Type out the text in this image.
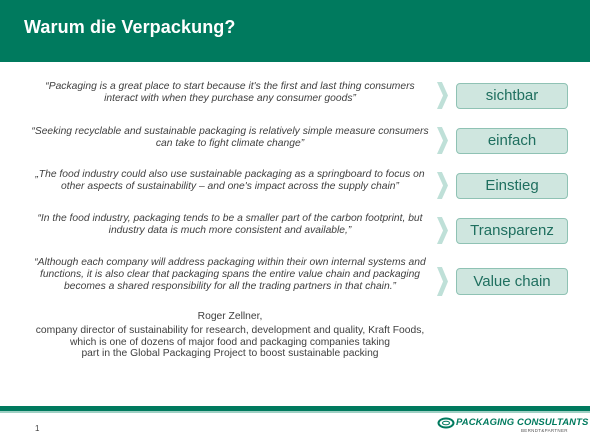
Warum die Verpackung?
“Packaging is a great place to start because it's the first and last thing consumers
interact with when they purchase any consumer goods”	sichtbar
“Seeking recyclable and sustainable packaging is relatively simple measure consumers
can take to fight climate change”	einfach
„The food industry could also use sustainable packaging as a springboard to focus on
other aspects of sustainability – and one's impact across the supply chain”	Einstieg
“In the food industry, packaging tends to be a smaller part of the carbon footprint, but
industry data is much more consistent and available,”	Transparenz
“Although each company will address packaging within their own internal systems and
functions, it is also clear that packaging spans the entire value chain and packaging
becomes a shared responsibility for all the trading partners in that chain.”	Value chain
Roger Zellner,
company director of sustainability for research, development and quality, Kraft Foods,
which is one of dozens of major food and packaging companies taking
part in the Global Packaging Project to boost sustainable packing
1
PACKAGING CONSULTANTS
BERNDT&PARTNER
